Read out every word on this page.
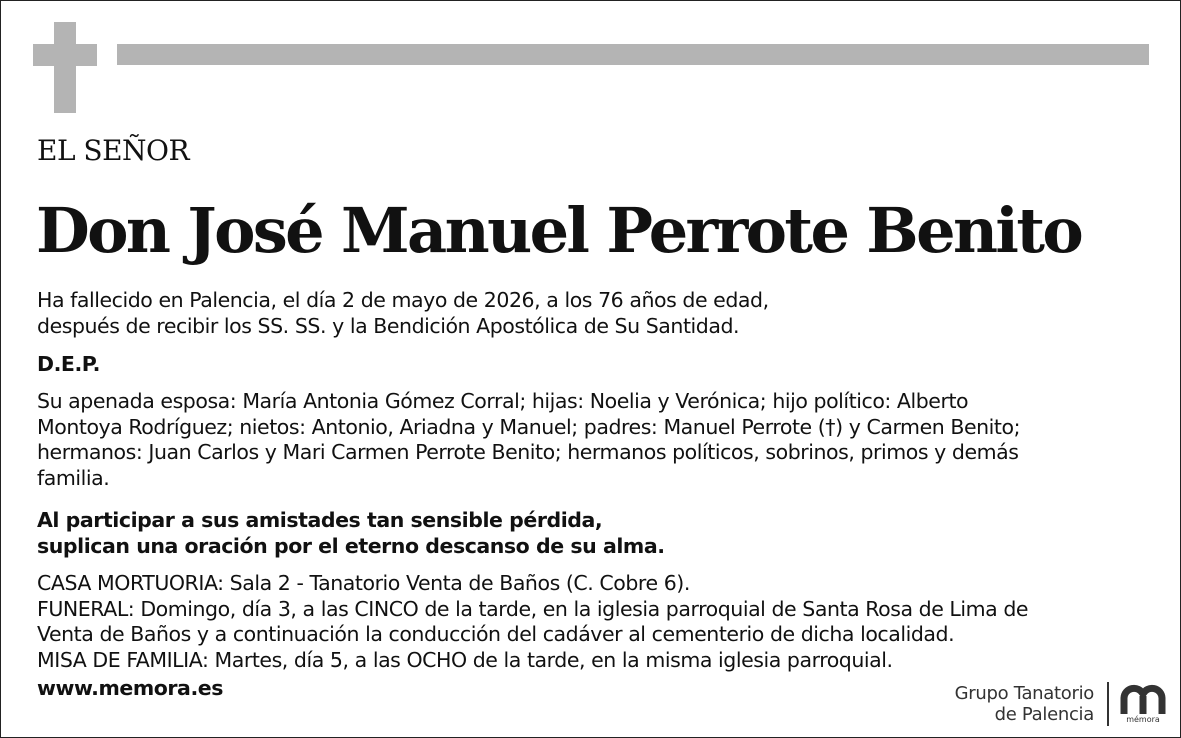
EL SEÑOR
Don José Manuel Perrote Benito
Ha fallecido en Palencia, el día 2 de mayo de 2026, a los 76 años de edad,
después de recibir los SS. SS. y la Bendición Apostólica de Su Santidad.
D.E.P.
Su apenada esposa: María Antonia Gómez Corral; hijas: Noelia y Verónica; hijo político: Alberto
Montoya Rodríguez; nietos: Antonio, Ariadna y Manuel; padres: Manuel Perrote (†) y Carmen Benito;
hermanos: Juan Carlos y Mari Carmen Perrote Benito; hermanos políticos, sobrinos, primos y demás
familia.
Al participar a sus amistades tan sensible pérdida,
suplican una oración por el eterno descanso de su alma.
CASA MORTUORIA: Sala 2 - Tanatorio Venta de Baños (C. Cobre 6).
FUNERAL: Domingo, día 3, a las CINCO de la tarde, en la iglesia parroquial de Santa Rosa de Lima de
Venta de Baños y a continuación la conducción del cadáver al cementerio de dicha localidad.
MISA DE FAMILIA: Martes, día 5, a las OCHO de la tarde, en la misma iglesia parroquial.
www.memora.es	Grupo Tanatorio
de Palencia	mémora
